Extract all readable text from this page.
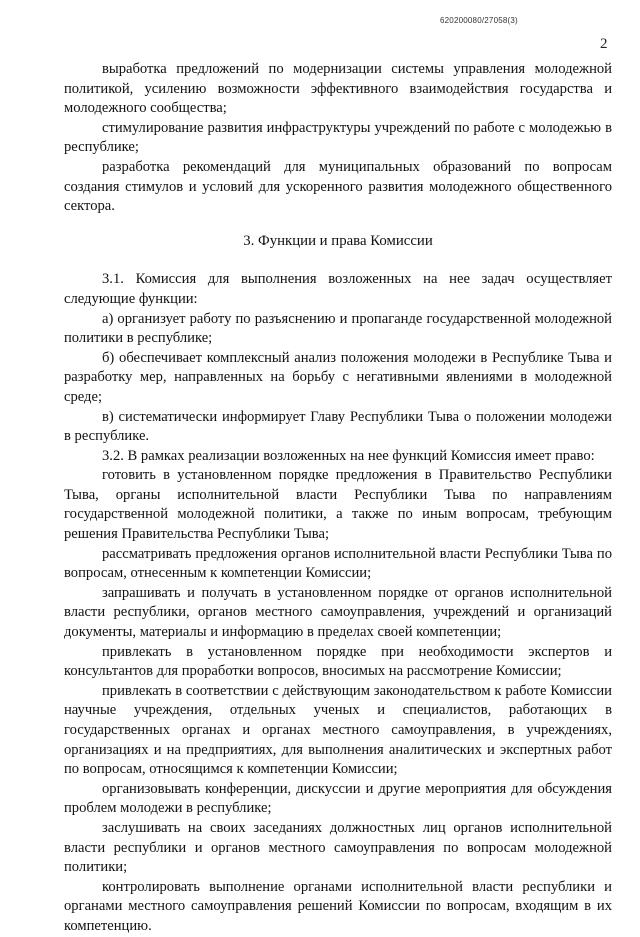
620200080/27058(3)
2

выработка предложений по модернизации системы управления молодежной политикой, усилению возможности эффективного взаимодействия государства и молодежного сообщества;

стимулирование развития инфраструктуры учреждений по работе с молодежью в республике;

разработка рекомендаций для муниципальных образований по вопросам создания стимулов и условий для ускоренного развития молодежного общественного сектора.

3. Функции и права Комиссии

3.1. Комиссия для выполнения возложенных на нее задач осуществляет следующие функции:

а) организует работу по разъяснению и пропаганде государственной молодежной политики в республике;

б) обеспечивает комплексный анализ положения молодежи в Республике Тыва и разработку мер, направленных на борьбу с негативными явлениями в молодежной среде;

в) систематически информирует Главу Республики Тыва о положении молодежи в республике.

3.2. В рамках реализации возложенных на нее функций Комиссия имеет право:

готовить в установленном порядке предложения в Правительство Республики Тыва, органы исполнительной власти Республики Тыва по направлениям государственной молодежной политики, а также по иным вопросам, требующим решения Правительства Республики Тыва;

рассматривать предложения органов исполнительной власти Республики Тыва по вопросам, отнесенным к компетенции Комиссии;

запрашивать и получать в установленном порядке от органов исполнительной власти республики, органов местного самоуправления, учреждений и организаций документы, материалы и информацию в пределах своей компетенции;

привлекать в установленном порядке при необходимости экспертов и консультантов для проработки вопросов, вносимых на рассмотрение Комиссии;

привлекать в соответствии с действующим законодательством к работе Комиссии научные учреждения, отдельных ученых и специалистов, работающих в государственных органах и органах местного самоуправления, в учреждениях, организациях и на предприятиях, для выполнения аналитических и экспертных работ по вопросам, относящимся к компетенции Комиссии;

организовывать конференции, дискуссии и другие мероприятия для обсуждения проблем молодежи в республике;

заслушивать на своих заседаниях должностных лиц органов исполнительной власти республики и органов местного самоуправления по вопросам молодежной политики;

контролировать выполнение органами исполнительной власти республики и органами местного самоуправления решений Комиссии по вопросам, входящим в их компетенцию.
